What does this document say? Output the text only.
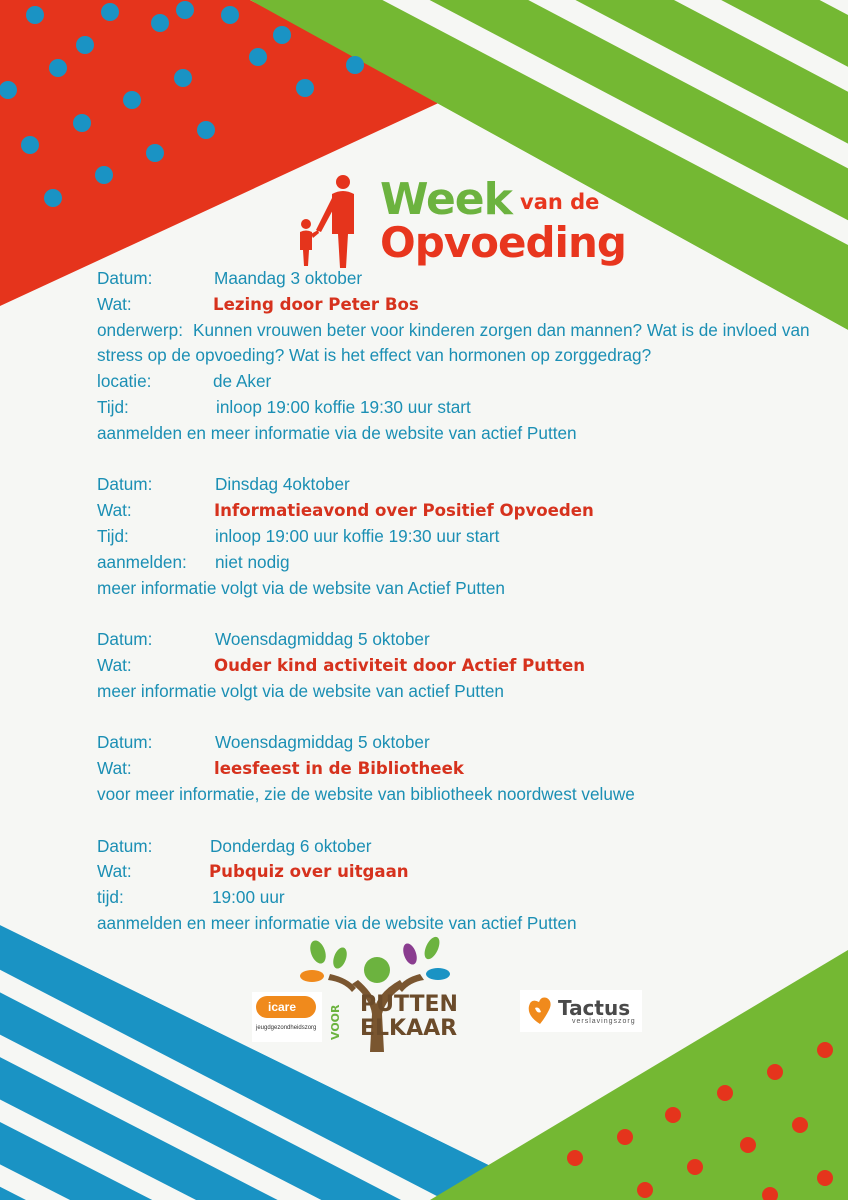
Week van de
Opvoeding
Datum:	Maandag 3 oktober
Wat:	Lezing door Peter Bos
onderwerp: Kunnen vrouwen beter voor kinderen zorgen dan mannen? Wat is de invloed van stress op de opvoeding? Wat is het effect van hormonen op zorggedrag?
locatie:	de Aker
Tijd:	inloop 19:00 koffie 19:30 uur start
aanmelden en meer informatie via de website van actief Putten
Datum:	Dinsdag 4oktober
Wat:	Informatieavond over Positief Opvoeden
Tijd:	inloop 19:00 uur koffie 19:30 uur start
aanmelden: niet nodig
meer informatie volgt via de website van Actief Putten
Datum:	Woensdagmiddag 5 oktober
Wat:	Ouder kind activiteit door Actief Putten
meer informatie volgt via de website van actief Putten
Datum:	Woensdagmiddag 5 oktober
Wat:	leesfeest in de Bibliotheek
voor meer informatie, zie de website van bibliotheek noordwest veluwe
Datum:	Donderdag 6 oktober
Wat:	Pubquiz over uitgaan
tijd:	19:00 uur
aanmelden en meer informatie via de website van actief Putten
icare
jeugdgezondheidszorg
PUTTEN
ELKAAR
VOOR	Tactus
verslavingszorg
